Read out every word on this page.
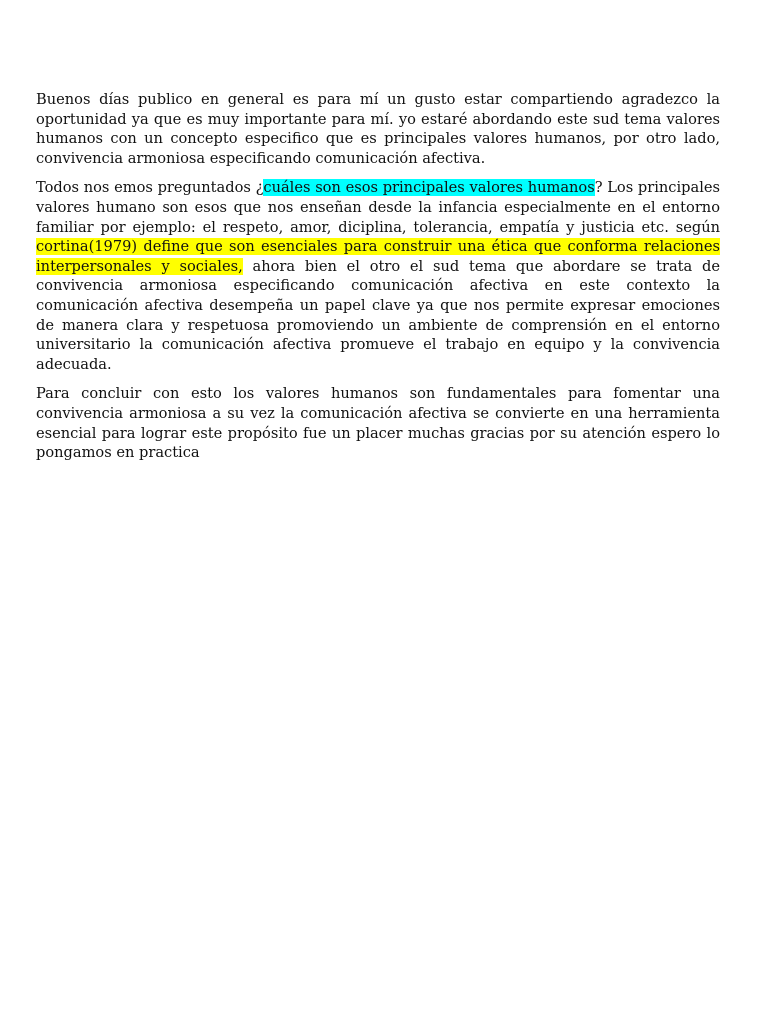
Buenos días publico en general es para mí un gusto estar compartiendo agradezco la oportunidad ya que es muy importante para mí. yo estaré abordando este sud tema valores humanos con un concepto especifico que es principales valores humanos, por otro lado, convivencia armoniosa especificando comunicación afectiva.

Todos nos emos preguntados ¿cuáles son esos principales valores humanos? Los principales valores humano son esos que nos enseñan desde la infancia especialmente en el entorno familiar por ejemplo: el respeto, amor, diciplina, tolerancia, empatía y justicia etc. según cortina(1979) define que son esenciales para construir una ética que conforma relaciones interpersonales y sociales, ahora bien el otro el sud tema que abordare se trata de convivencia armoniosa especificando comunicación afectiva en este contexto la comunicación afectiva desempeña un papel clave ya que nos permite expresar emociones de manera clara y respetuosa promoviendo un ambiente de comprensión en el entorno universitario la comunicación afectiva promueve el trabajo en equipo y la convivencia adecuada.

Para concluir con esto los valores humanos son fundamentales para fomentar una convivencia armoniosa a su vez la comunicación afectiva se convierte en una herramienta esencial para lograr este propósito fue un placer muchas gracias por su atención espero lo pongamos en practica
